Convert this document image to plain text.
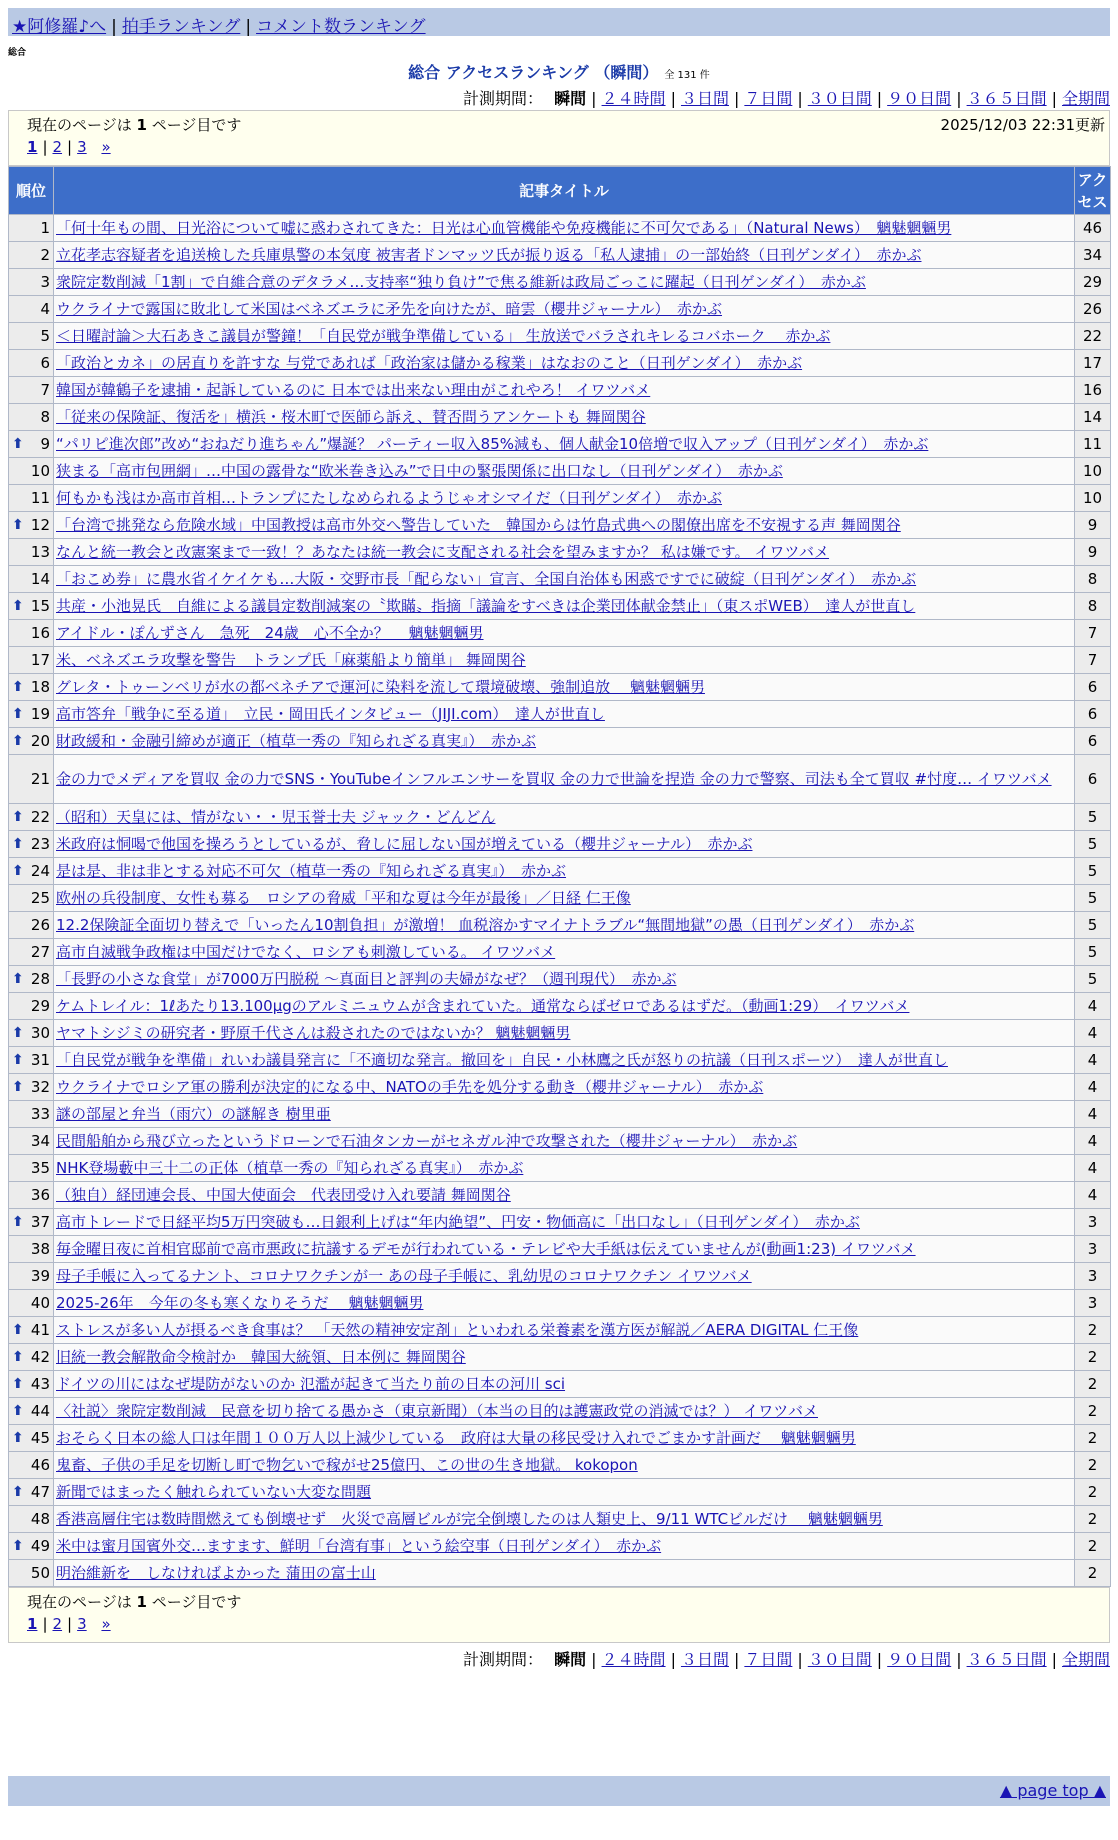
★阿修羅♪へ | 拍手ランキング | コメント数ランキング
総合
総合 アクセスランキング （瞬間） 全 131 件
計測期間： 瞬間 | ２４時間 | ３日間 | ７日間 | ３０日間 | ９０日間 | ３６５日間 | 全期間
現在のページは 1 ページ目です	2025/12/03 22:31更新
1 | 2 | 3 »
順位	記事タイトル	アクセス
1	「何十年もの間、日光浴について嘘に惑わされてきた：日光は心血管機能や免疫機能に不可欠である」（Natural News）　魑魅魍魎男	46
2	立花孝志容疑者を追送検した兵庫県警の本気度 被害者ドンマッツ氏が振り返る「私人逮捕」の一部始終（日刊ゲンダイ）　赤かぶ	34
3	衆院定数削減「1割」で自維合意のデタラメ…支持率“独り負け”で焦る維新は政局ごっこに躍起（日刊ゲンダイ）　赤かぶ	29
4	ウクライナで露国に敗北して米国はベネズエラに矛先を向けたが、暗雲（櫻井ジャーナル）　赤かぶ	26
5	＜日曜討論＞大石あきこ議員が警鐘！「自民党が戦争準備している」 生放送でバラされキレるコバホーク　 赤かぶ	22
6	「政治とカネ」の居直りを許すな 与党であれば「政治家は儲かる稼業」はなおのこと（日刊ゲンダイ）　赤かぶ	17
7	韓国が韓鶴子を逮捕・起訴しているのに 日本では出来ない理由がこれやろ！ イワツバメ	16
8	「従来の保険証、復活を」横浜・桜木町で医師ら訴え、賛否問うアンケートも 舞岡関谷	14

⬆ 9	“パリピ進次郎”改め“おねだり進ちゃん”爆誕？ パーティー収入85%減も、個人献金10倍増で収入アップ（日刊ゲンダイ）　赤かぶ	11
10	狭まる「高市包囲網」…中国の露骨な“欧米巻き込み”で日中の緊張関係に出口なし（日刊ゲンダイ）　赤かぶ	10
11	何もかも浅はか高市首相…トランプにたしなめられるようじゃオシマイだ（日刊ゲンダイ）　赤かぶ	10

⬆ 12	「台湾で挑発なら危険水域」中国教授は高市外交へ警告していた　韓国からは竹島式典への閣僚出席を不安視する声 舞岡関谷	9
13	なんと統一教会と改憲案まで一致！？あなたは統一教会に支配される社会を望みますか？ 私は嫌です。 イワツバメ	9
14	「おこめ券」に農水省イケイケも…大阪・交野市長「配らない」宣言、全国自治体も困惑ですでに破綻（日刊ゲンダイ）　赤かぶ	8

⬆ 15	共産・小池晃氏　自維による議員定数削減案の〝欺瞞〟指摘「議論をすべきは企業団体献金禁止」（東スポWEB）　達人が世直し	8
16	アイドル・ぽんずさん　急死　24歳　心不全か？　 魑魅魍魎男	7
17	米、ベネズエラ攻撃を警告　トランプ氏「麻薬船より簡単」 舞岡関谷	7

⬆ 18	グレタ・トゥーンベリが水の都ベネチアで運河に染料を流して環境破壊、強制追放　 魑魅魍魎男	6

⬆ 19	高市答弁「戦争に至る道」　立民・岡田氏インタビュー（JIJI.com）　達人が世直し	6

⬆ 20	財政緩和・金融引締めが適正（植草一秀の『知られざる真実』）　赤かぶ	6
21	金の力でメディアを買収 金の力でSNS・YouTubeインフルエンサーを買収 金の力で世論を捏造 金の力で警察、司法も全て買収 #忖度… イワツバメ	6

⬆ 22	（昭和）天皇には、情がない・・児玉誉士夫 ジャック・どんどん	5

⬆ 23	米政府は恫喝で他国を操ろうとしているが、脅しに屈しない国が増えている（櫻井ジャーナル）　赤かぶ	5

⬆ 24	是は是、非は非とする対応不可欠（植草一秀の『知られざる真実』）　赤かぶ	5
25	欧州の兵役制度、女性も募る　ロシアの脅威「平和な夏は今年が最後」／日経 仁王像	5
26	12.2保険証全面切り替えで「いったん10割負担」が激増！ 血税溶かすマイナトラブル“無間地獄”の愚（日刊ゲンダイ）　赤かぶ	5
27	高市自滅戦争政権は中国だけでなく、ロシアも刺激している。 イワツバメ	5

⬆ 28	「長野の小さな食堂」が7000万円脱税 ～真面目と評判の夫婦がなぜ？（週刊現代）　赤かぶ	5
29	ケムトレイル：1ℓあたり13.100μgのアルミニュウムが含まれていた。通常ならばゼロであるはずだ。（動画1:29）　イワツバメ	4

⬆ 30	ヤマトシジミの研究者・野原千代さんは殺されたのではないか？ 魑魅魍魎男	4

⬆ 31	「自民党が戦争を準備」れいわ議員発言に「不適切な発言。撤回を」自民・小林鷹之氏が怒りの抗議（日刊スポーツ）　達人が世直し	4

⬆ 32	ウクライナでロシア軍の勝利が決定的になる中、NATOの手先を処分する動き（櫻井ジャーナル）　赤かぶ	4
33	謎の部屋と弁当（雨穴）の謎解き 樹里亜	4
34	民間船舶から飛び立ったというドローンで石油タンカーがセネガル沖で攻撃された（櫻井ジャーナル）　赤かぶ	4
35	NHK登場藪中三十二の正体（植草一秀の『知られざる真実』）　赤かぶ	4
36	（独自）経団連会長、中国大使面会　代表団受け入れ要請 舞岡関谷	4

⬆ 37	高市トレードで日経平均5万円突破も…日銀利上げは“年内絶望”、円安・物価高に「出口なし」（日刊ゲンダイ）　赤かぶ	3
38	毎金曜日夜に首相官邸前で高市悪政に抗議するデモが行われている・テレビや大手紙は伝えていませんが(動画1:23) イワツバメ	3
39	母子手帳に入ってるナント、コロナワクチンが一 あの母子手帳に、乳幼児のコロナワクチン イワツバメ	3
40	2025-26年　今年の冬も寒くなりそうだ　 魑魅魍魎男	3

⬆ 41	ストレスが多い人が摂るべき食事は？ 「天然の精神安定剤」といわれる栄養素を漢方医が解説／AERA DIGITAL 仁王像	2

⬆ 42	旧統一教会解散命令検討か　韓国大統領、日本例に 舞岡関谷	2

⬆ 43	ドイツの川にはなぜ堤防がないのか 氾濫が起きて当たり前の日本の河川 sci	2

⬆ 44	〈社説〉衆院定数削減　民意を切り捨てる愚かさ（東京新聞）（本当の目的は護憲政党の消滅では？） イワツバメ	2

⬆ 45	おそらく日本の総人口は年間１００万人以上減少している　政府は大量の移民受け入れでごまかす計画だ　 魑魅魍魎男	2
46	鬼畜、子供の手足を切断し町で物乞いで稼がせ25億円、この世の生き地獄。 kokopon	2

⬆ 47	新聞ではまったく触れられていない大変な問題	2
48	香港高層住宅は数時間燃えても倒壊せず　火災で高層ビルが完全倒壊したのは人類史上、9/11 WTCビルだけ　 魑魅魍魎男	2

⬆ 49	米中は蜜月国賓外交…ますます、鮮明「台湾有事」という絵空事（日刊ゲンダイ）　赤かぶ	2
50	明治維新を　しなければよかった 蒲田の富士山	2
現在のページは 1 ページ目です
1 | 2 | 3 »
計測期間： 瞬間 | ２４時間 | ３日間 | ７日間 | ３０日間 | ９０日間 | ３６５日間 | 全期間
▲ page top ▲
